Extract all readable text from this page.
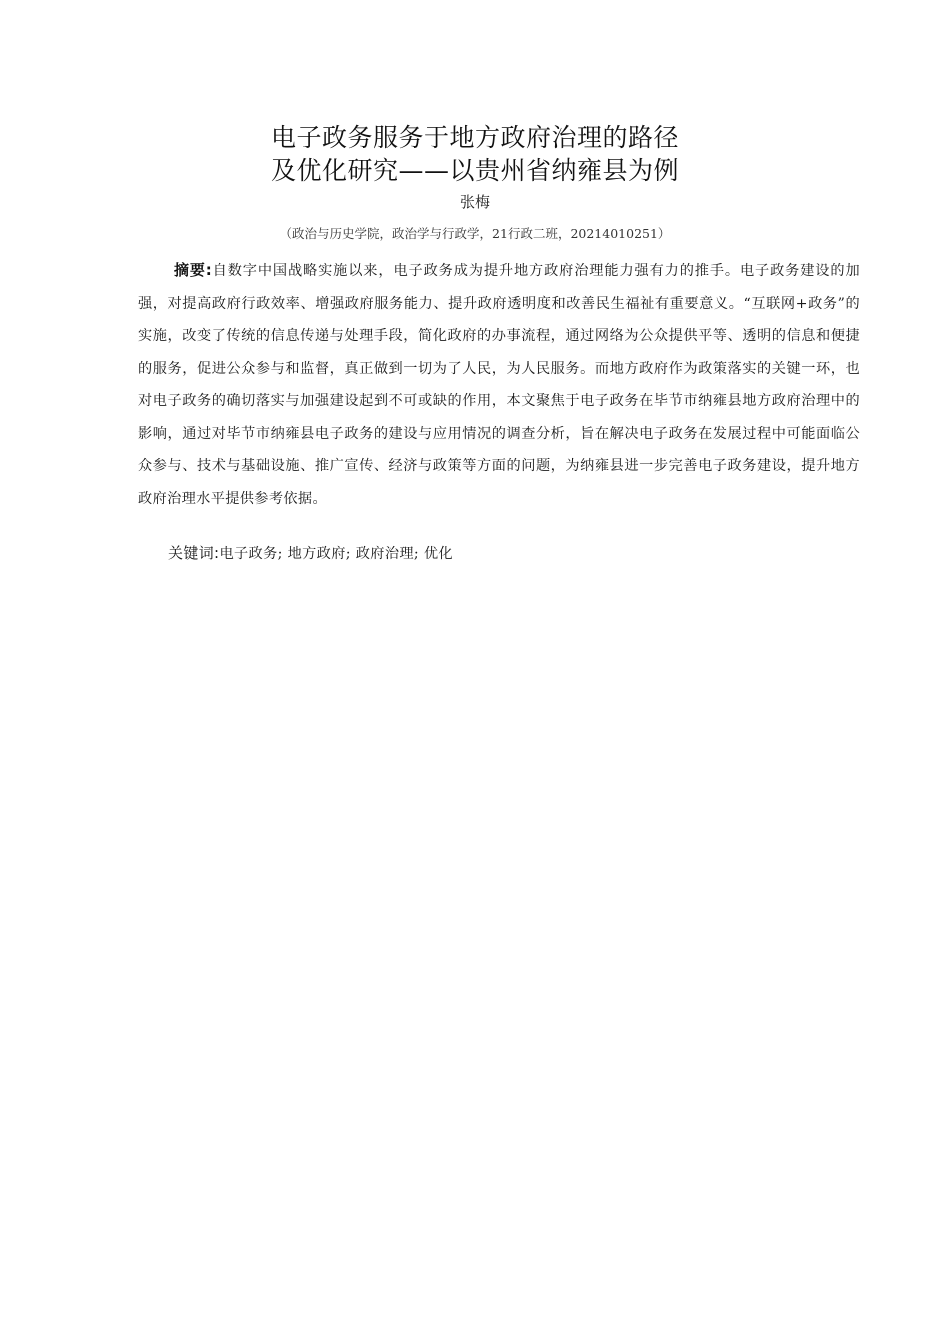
电子政务服务于地方政府治理的路径
及优化研究——以贵州省纳雍县为例
张梅
（政治与历史学院，政治学与行政学，21行政二班，20214010251）
摘要:自数字中国战略实施以来，电子政务成为提升地方政府治理能力强有力的推手。电子政务建设的加强，对提高政府行政效率、增强政府服务能力、提升政府透明度和改善民生福祉有重要意义。“互联网+政务”的实施，改变了传统的信息传递与处理手段，简化政府的办事流程，通过网络为公众提供平等、透明的信息和便捷的服务，促进公众参与和监督，真正做到一切为了人民，为人民服务。而地方政府作为政策落实的关键一环，也对电子政务的确切落实与加强建设起到不可或缺的作用，本文聚焦于电子政务在毕节市纳雍县地方政府治理中的影响，通过对毕节市纳雍县电子政务的建设与应用情况的调查分析，旨在解决电子政务在发展过程中可能面临公众参与、技术与基础设施、推广宣传、经济与政策等方面的问题，为纳雍县进一步完善电子政务建设，提升地方政府治理水平提供参考依据。
关键词:电子政务; 地方政府; 政府治理; 优化
